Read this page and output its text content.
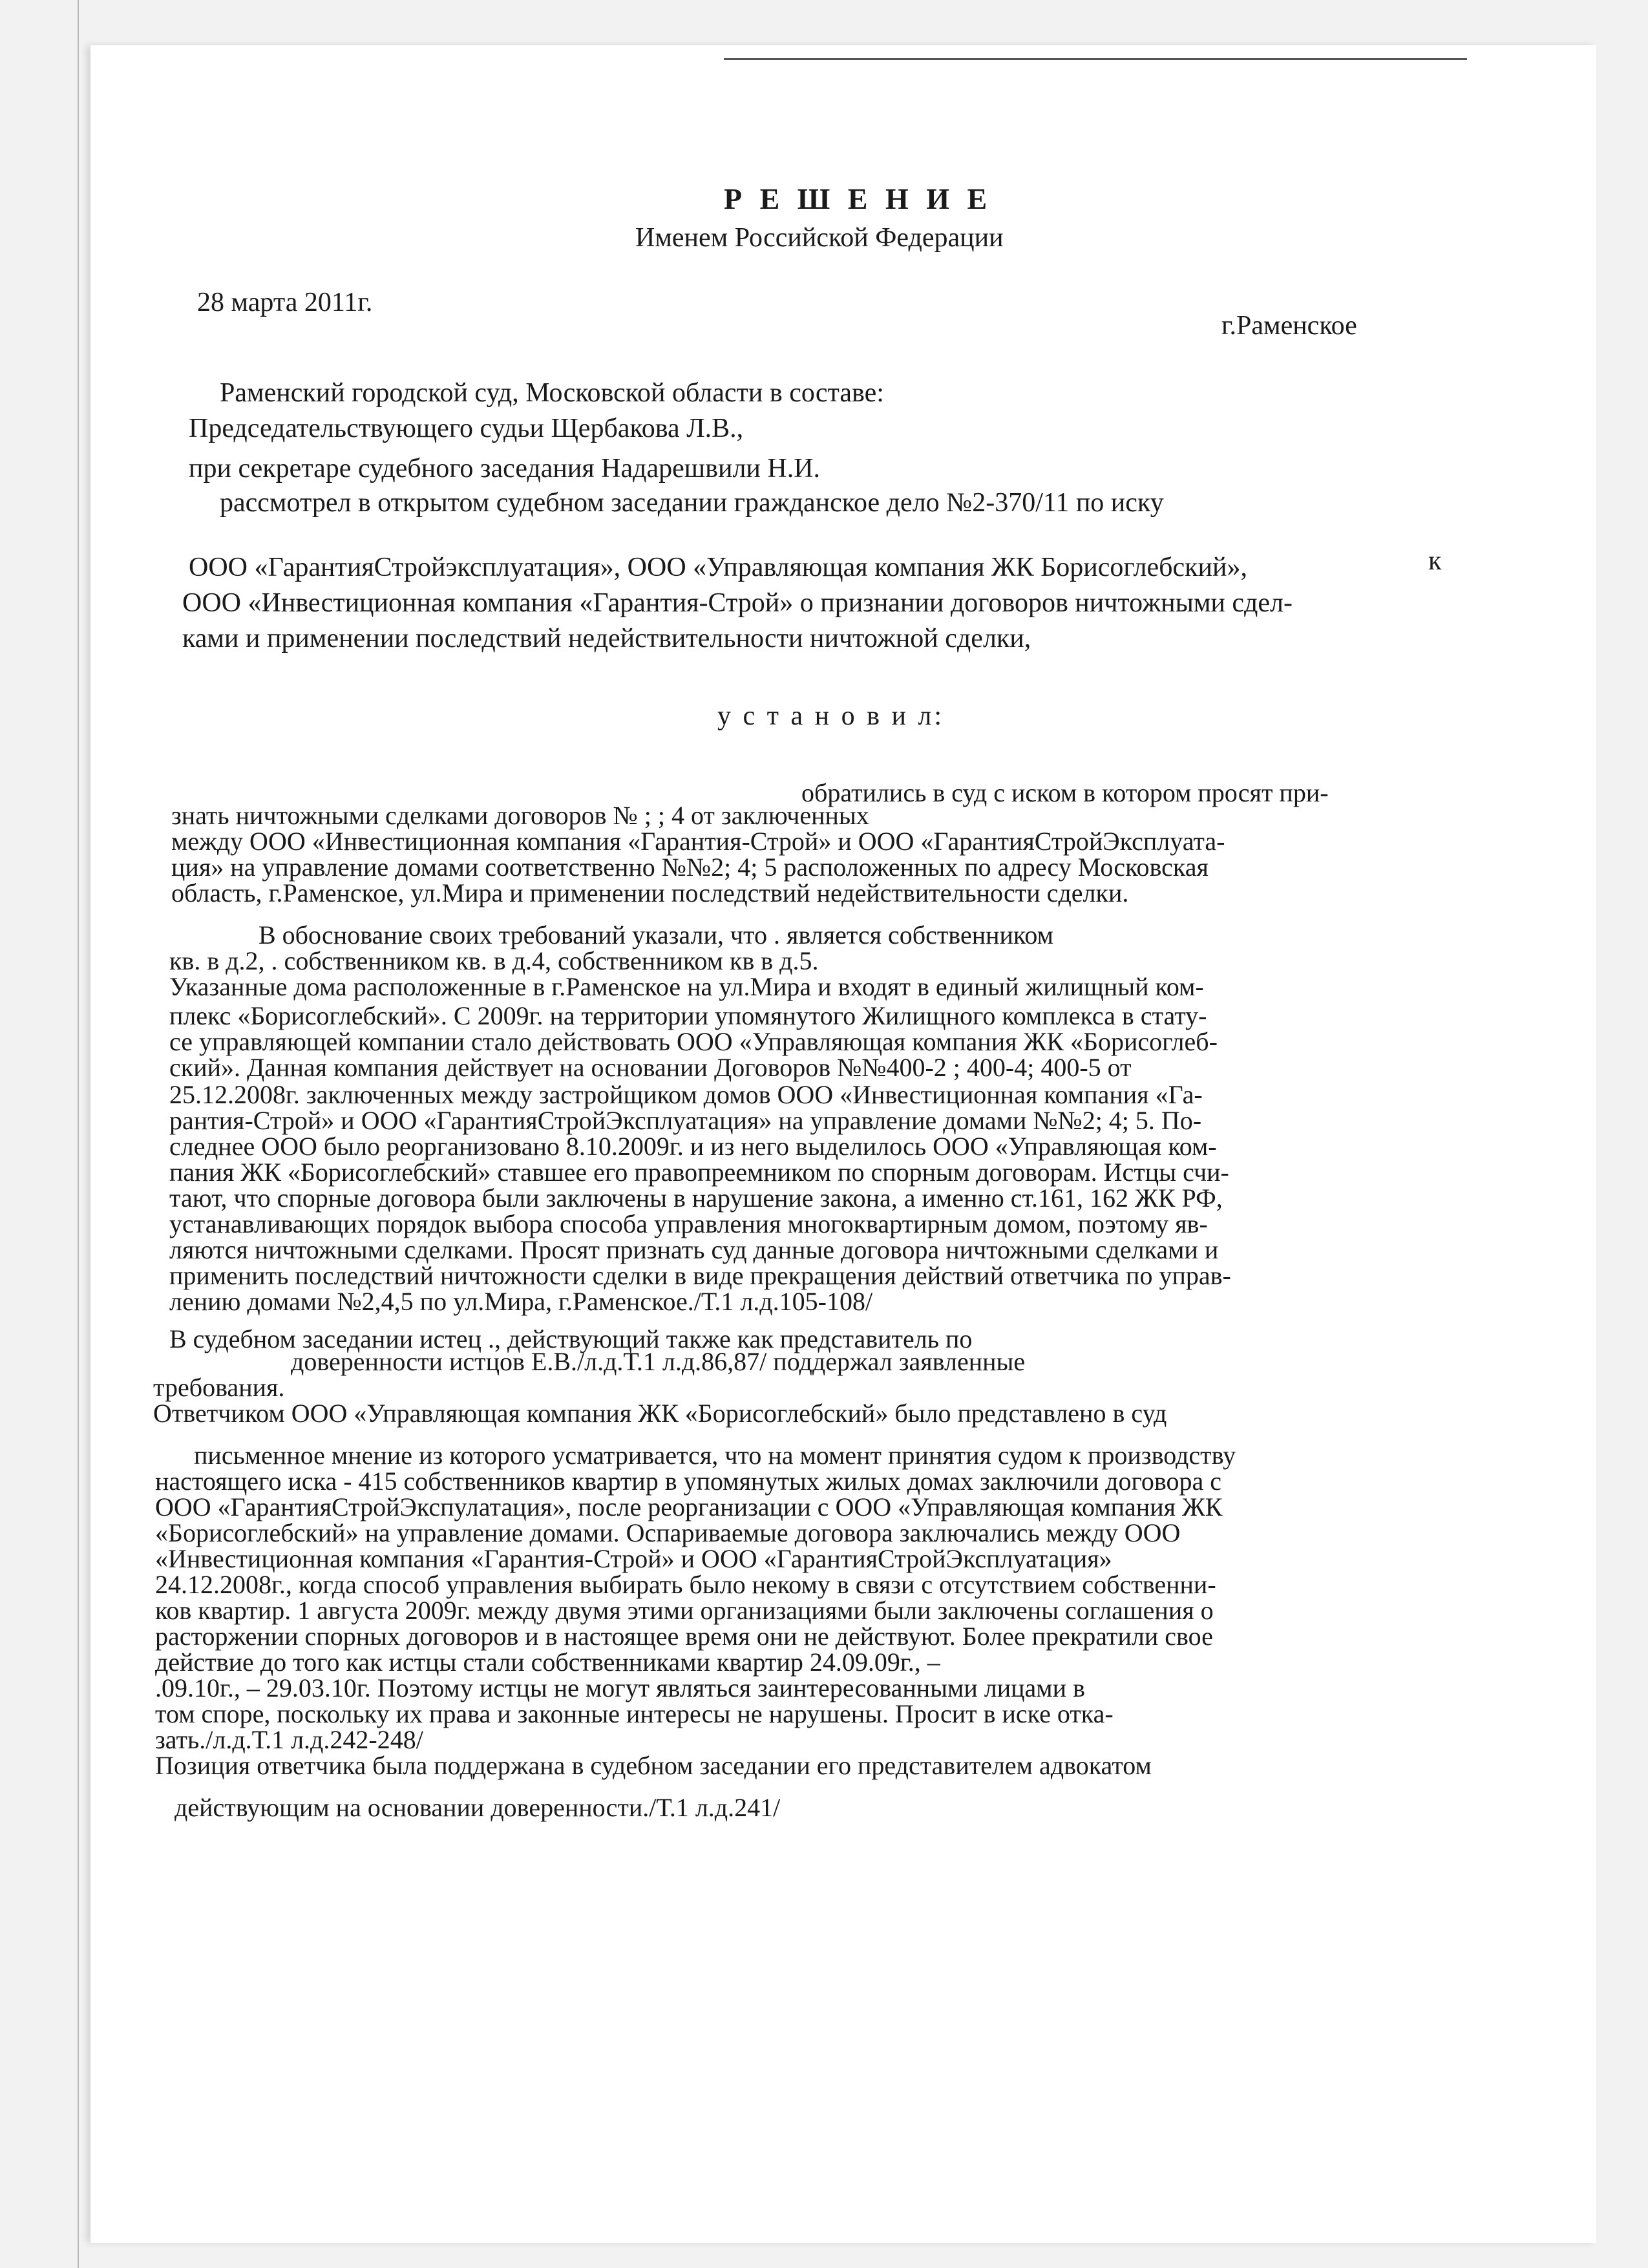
Р Е Ш Е Н И Е
Именем Российской Федерации
28 марта 2011г.
г.Раменское
Раменский городской суд, Московской области в составе:
Председательствующего судьи Щербакова Л.В.,
при секретаре судебного заседания Надарешвили Н.И.
рассмотрел в открытом судебном заседании гражданское дело №2-370/11 по иску
к
ООО «ГарантияСтройэксплуатация», ООО «Управляющая компания ЖК Борисоглебский»,
ООО «Инвестиционная компания «Гарантия-Строй» о признании договоров ничтожными сдел-
ками и применении последствий недействительности ничтожной сделки,
у с т а н о в и л:
обратились в суд с иском в котором просят при-
знать ничтожными сделками договоров № ; ; 4 от заключенных
между ООО «Инвестиционная компания «Гарантия-Строй» и ООО «ГарантияСтройЭксплуата-
ция» на управление домами соответственно №№2; 4; 5 расположенных по адресу Московская
область, г.Раменское, ул.Мира и применении последствий недействительности сделки.
В обоснование своих требований указали, что . является собственником
кв. в д.2, . собственником кв. в д.4, собственником кв в д.5.
Указанные дома расположенные в г.Раменское на ул.Мира и входят в единый жилищный ком-
плекс «Борисоглебский». С 2009г. на территории упомянутого Жилищного комплекса в стату-
се управляющей компании стало действовать ООО «Управляющая компания ЖК «Борисоглеб-
ский». Данная компания действует на основании Договоров №№400-2 ; 400-4; 400-5 от
25.12.2008г. заключенных между застройщиком домов ООО «Инвестиционная компания «Га-
рантия-Строй» и ООО «ГарантияСтройЭксплуатация» на управление домами №№2; 4; 5. По-
следнее ООО было реорганизовано 8.10.2009г. и из него выделилось ООО «Управляющая ком-
пания ЖК «Борисоглебский» ставшее его правопреемником по спорным договорам. Истцы счи-
тают, что спорные договора были заключены в нарушение закона, а именно ст.161, 162 ЖК РФ,
устанавливающих порядок выбора способа управления многоквартирным домом, поэтому яв-
ляются ничтожными сделками. Просят признать суд данные договора ничтожными сделками и
применить последствий ничтожности сделки в виде прекращения действий ответчика по управ-
лению домами №2,4,5 по ул.Мира, г.Раменское./Т.1 л.д.105-108/
В судебном заседании истец ., действующий также как представитель по
доверенности истцов Е.В./л.д.Т.1 л.д.86,87/ поддержал заявленные
требования.
Ответчиком ООО «Управляющая компания ЖК «Борисоглебский» было представлено в суд
письменное мнение из которого усматривается, что на момент принятия судом к производству
настоящего иска - 415 собственников квартир в упомянутых жилых домах заключили договора с
ООО «ГарантияСтройЭкспулатация», после реорганизации с ООО «Управляющая компания ЖК
«Борисоглебский» на управление домами. Оспариваемые договора заключались между ООО
«Инвестиционная компания «Гарантия-Строй» и ООО «ГарантияСтройЭксплуатация»
24.12.2008г., когда способ управления выбирать было некому в связи с отсутствием собственни-
ков квартир. 1 августа 2009г. между двумя этими организациями были заключены соглашения о
расторжении спорных договоров и в настоящее время они не действуют. Более прекратили свое
действие до того как истцы стали собственниками квартир 24.09.09г., –
.09.10г., – 29.03.10г. Поэтому истцы не могут являться заинтересованными лицами в
том споре, поскольку их права и законные интересы не нарушены. Просит в иске отка-
зать./л.д.Т.1 л.д.242-248/
Позиция ответчика была поддержана в судебном заседании его представителем адвокатом
действующим на основании доверенности./Т.1 л.д.241/
